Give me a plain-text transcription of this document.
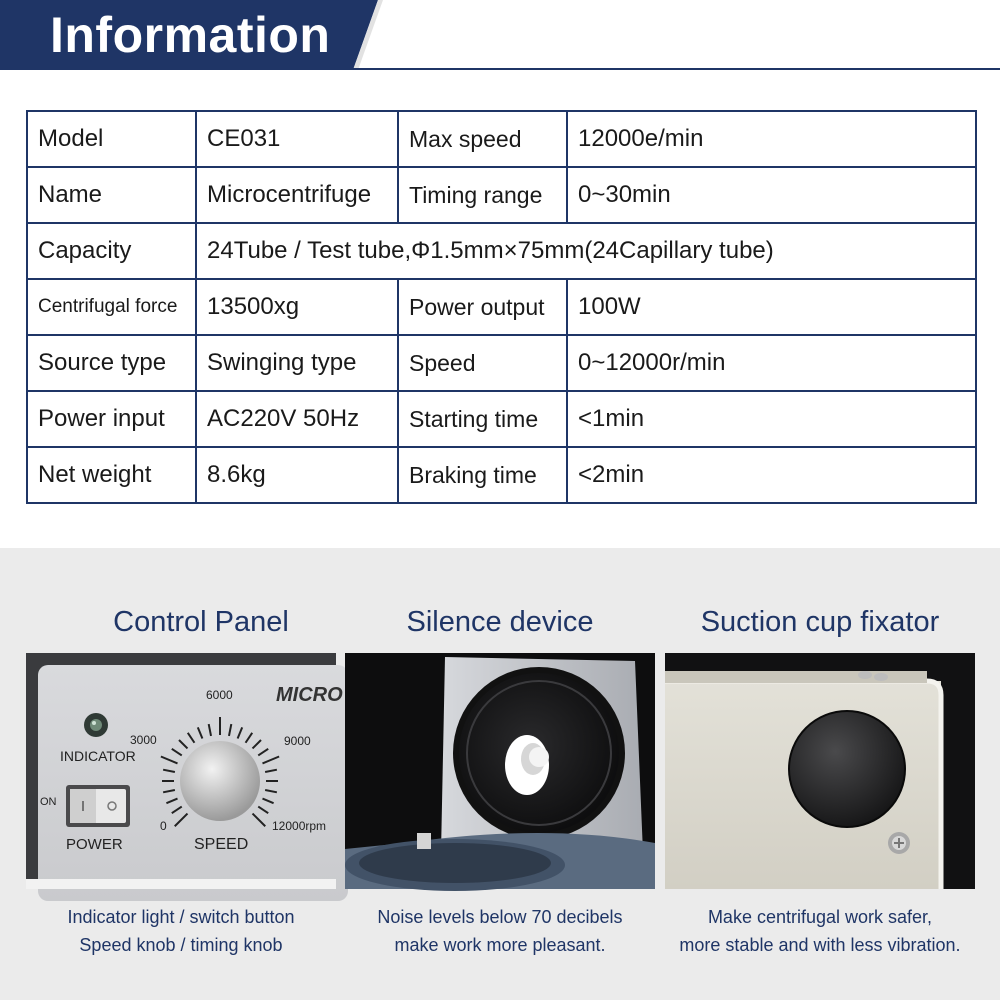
Information
Model	CE031	Max speed	12000e/min
Name	Microcentrifuge	Timing range	0~30min
Capacity	24Tube / Test tube,Φ1.5mm×75mm(24Capillary tube)		
Centrifugal force	13500xg	Power output	100W
Source type	Swinging type	Speed	0~12000r/min
Power input	AC220V 50Hz	Starting time	<1min
Net weight	8.6kg	Braking time	<2min
Control Panel
MICRO
INDICATOR
ON
POWER
3000
6000
9000
0	12000rpm
SPEED
Indicator light / switch button
Speed knob / timing knob
Silence device
Noise levels below 70 decibels
make work more pleasant.
Suction cup fixator
Make centrifugal work safer,
more stable and with less vibration.
